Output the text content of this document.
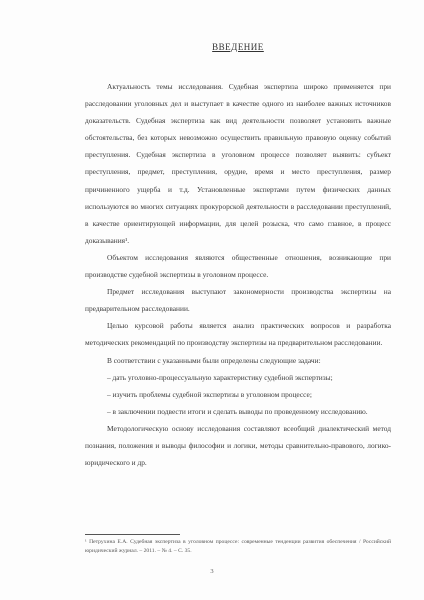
ВВЕДЕНИЕ

Актуальность темы исследования. Судебная экспертиза широко применяется при расследовании уголовных дел и выступает в качестве одного из наиболее важных источников доказательств. Судебная экспертиза как вид деятельности позволяет установить важные обстоятельства, без которых невозможно осуществить правильную правовую оценку событий преступления. Судебная экспертиза в уголовном процессе позволяет выявить: субъект преступления, предмет, преступления, орудие, время и место преступления, размер причиненного ущерба и т.д. Установленные экспертами путем физических данных используются во многих ситуациях прокурорской деятельности в расследовании преступлений, в качестве ориентирующей информации, для целей розыска, что само главное, в процесс доказывания¹.

Объектом исследования являются общественные отношения, возникающие при производстве судебной экспертизы в уголовном процессе.

Предмет исследования выступают закономерности производства экспертизы на предварительном расследовании.

Целью курсовой работы является анализ практических вопросов и разработка методических рекомендаций по производству экспертизы на предварительном расследовании.

В соответствии с указанными были определены следующие задачи:

– дать уголовно-процессуальную характеристику судебной экспертизы;

– изучить проблемы судебной экспертизы в уголовном процессе;

– в заключении подвести итоги и сделать выводы по проведенному исследованию.

Методологическую основу исследования составляют всеобщий диалектический метод познания, положения и выводы философии и логики, методы сравнительно-правового, логико-юридического и др.

¹ Петрухина Е.А. Судебная экспертиза в уголовном процессе: современные тенденции развития обеспечения / Российский юридический журнал. – 2011. – № 4. – С. 35.
3
